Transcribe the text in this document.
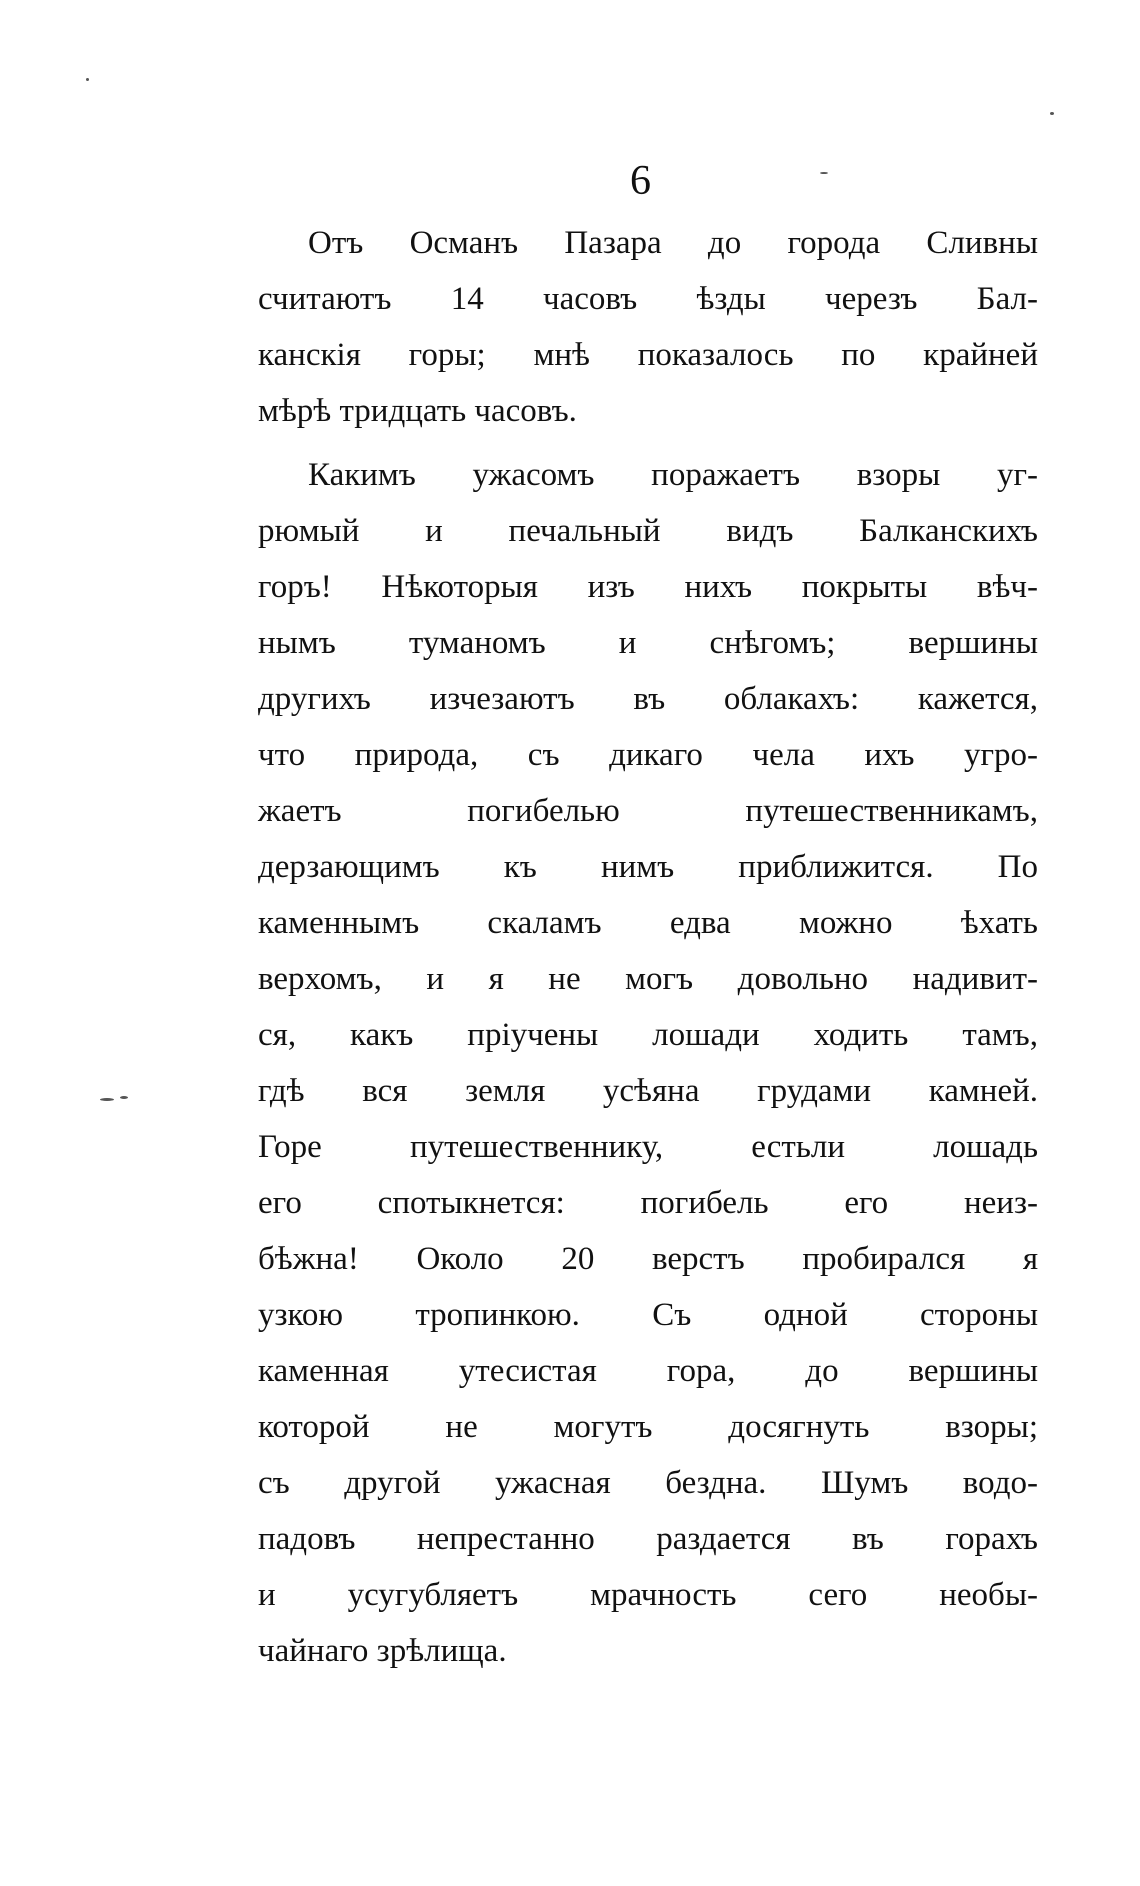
6
Отъ Османъ Пазара до города Сливны
считаютъ 14 часовъ ѣзды черезъ Бал-
канскія горы; мнѣ показалось по крайней
мѣрѣ тридцать часовъ.
Какимъ ужасомъ поражаетъ взоры уг-
рюмый и печальный видъ Балканскихъ
горъ! Нѣкоторыя изъ нихъ покрыты вѣч-
нымъ туманомъ и снѣгомъ; вершины
другихъ изчезаютъ въ облакахъ: кажется,
что природа, съ дикаго чела ихъ угро-
жаетъ погибелью путешественникамъ,
дерзающимъ къ нимъ приближится. По
каменнымъ скаламъ едва можно ѣхать
верхомъ, и я не могъ довольно надивит-
ся, какъ пріучены лошади ходить тамъ,
гдѣ вся земля усѣяна грудами камней.
Горе путешественнику, естьли лошадь
его спотыкнется: погибель его неиз-
бѣжна! Около 20 верстъ пробирался я
узкою тропинкою. Съ одной стороны
каменная утесистая гора, до вершины
которой не могутъ досягнуть взоры;
съ другой ужасная бездна. Шумъ водо-
падовъ непрестанно раздается въ горахъ
и усугубляетъ мрачность сего необы-
чайнаго зрѣлища.
